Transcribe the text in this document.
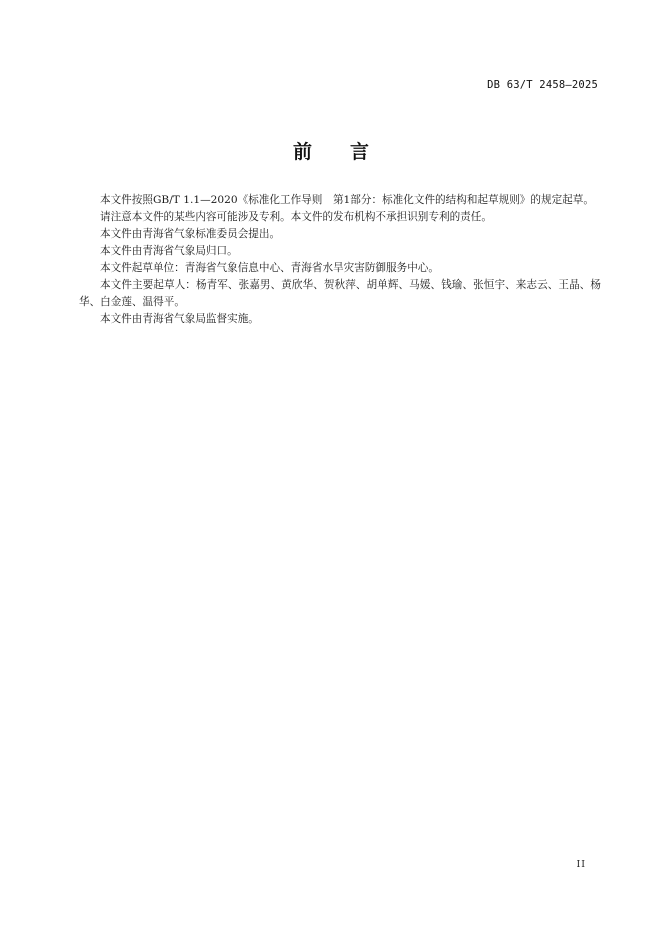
DB 63/T 2458—2025
前 言

本文件按照GB/T 1.1—2020《标准化工作导则　第1部分：标准化文件的结构和起草规则》的规定起草。

请注意本文件的某些内容可能涉及专利。本文件的发布机构不承担识别专利的责任。

本文件由青海省气象标准委员会提出。

本文件由青海省气象局归口。

本文件起草单位：青海省气象信息中心、青海省水旱灾害防御服务中心。

本文件主要起草人：杨青军、张嘉男、黄欣华、贺秋萍、胡单辉、马媛、钱瑜、张恒宇、来志云、王晶、杨华、白金莲、温得平。

本文件由青海省气象局监督实施。

II
